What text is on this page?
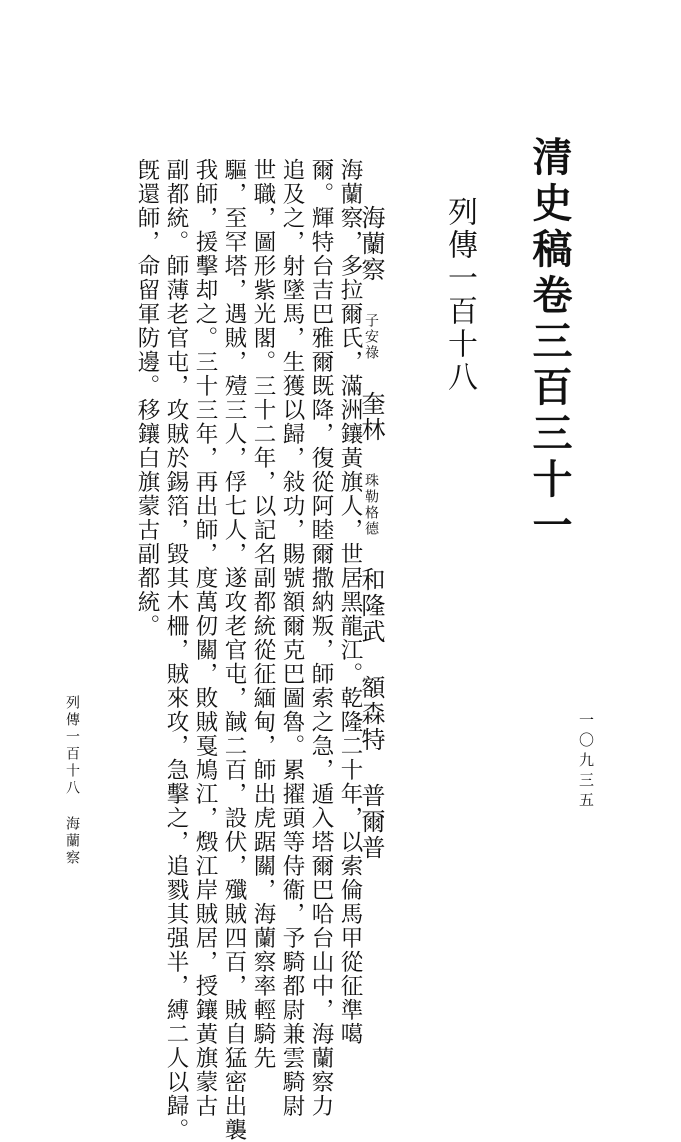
清史稿卷三百三十一
列傳一百十八
海蘭察 子安祿 奎林 珠勒格德 和隆武 額森特 普爾普
海蘭察，多拉爾氏，滿洲鑲黃旗人，世居黑龍江。乾隆二十年，以索倫馬甲從征準噶
爾。輝特台吉巴雅爾既降，復從阿睦爾撒納叛，師索之急，遁入塔爾巴哈台山中，海蘭察力
追及之，射墜馬，生獲以歸，敍功，賜號額爾克巴圖魯。累擢頭等侍衞，予騎都尉兼雲騎尉
世職，圖形紫光閣。三十二年，以記名副都統從征緬甸，師出虎踞關，海蘭察率輕騎先
驅，至罕塔，遇賊，殪三人，俘七人，遂攻老官屯，馘二百，設伏，殲賊四百，賊自猛密出襲
我師，援擊却之。三十三年，再出師，度萬仞關，敗賊戛鳩江，燬江岸賊居，授鑲黃旗蒙古
副都統。師薄老官屯，攻賊於錫箔，毀其木柵，賊來攻，急擊之，追戮其强半，縛二人以歸。
旣還師，命留軍防邊。移鑲白旗蒙古副都統。
列傳一百十八 海蘭察
一〇九三五
